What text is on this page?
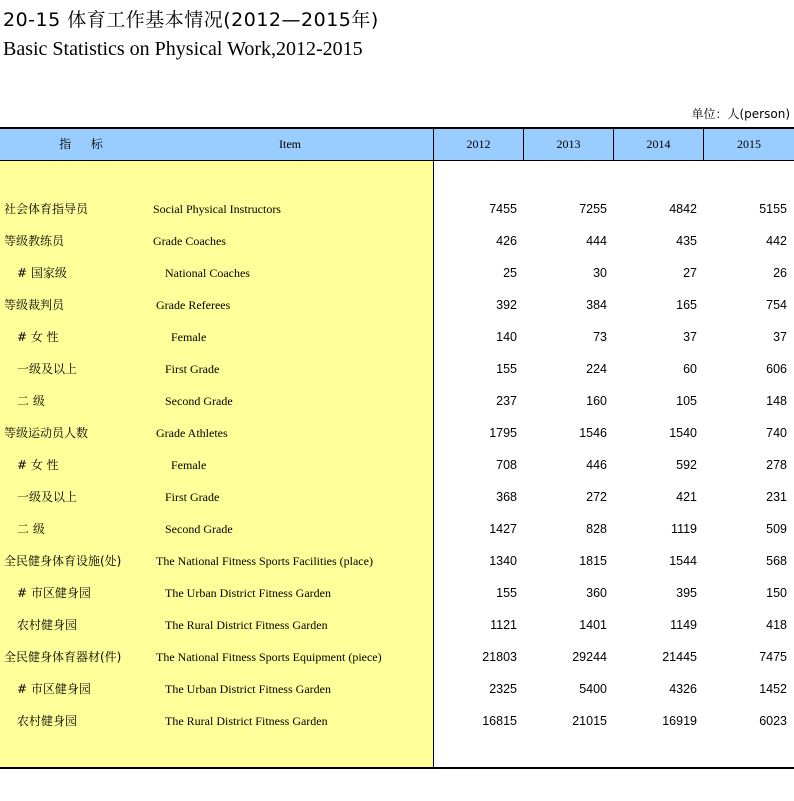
20-15 体育工作基本情况(2012—2015年)
Basic Statistics on Physical Work,2012-2015
单位：人(person)
指 标	Item	2012	2013	2014	2015
社会体育指导员	Social Physical Instructors	7455	7255	4842	5155
等级教练员	Grade Coaches	426	444	435	442
# 国家级	National Coaches	25	30	27	26
等级裁判员	Grade Referees	392	384	165	754
# 女 性	Female	140	73	37	37
一级及以上	First Grade	155	224	60	606
二 级	Second Grade	237	160	105	148
等级运动员人数	Grade Athletes	1795	1546	1540	740
# 女 性	Female	708	446	592	278
一级及以上	First Grade	368	272	421	231
二 级	Second Grade	1427	828	1119	509
全民健身体育设施(处)	The National Fitness Sports Facilities (place)	1340	1815	1544	568
# 市区健身园	The Urban District Fitness Garden	155	360	395	150
农村健身园	The Rural District Fitness Garden	1121	1401	1149	418
全民健身体育器材(件)	The National Fitness Sports Equipment (piece)	21803	29244	21445	7475
# 市区健身园	The Urban District Fitness Garden	2325	5400	4326	1452
农村健身园	The Rural District Fitness Garden	16815	21015	16919	6023
